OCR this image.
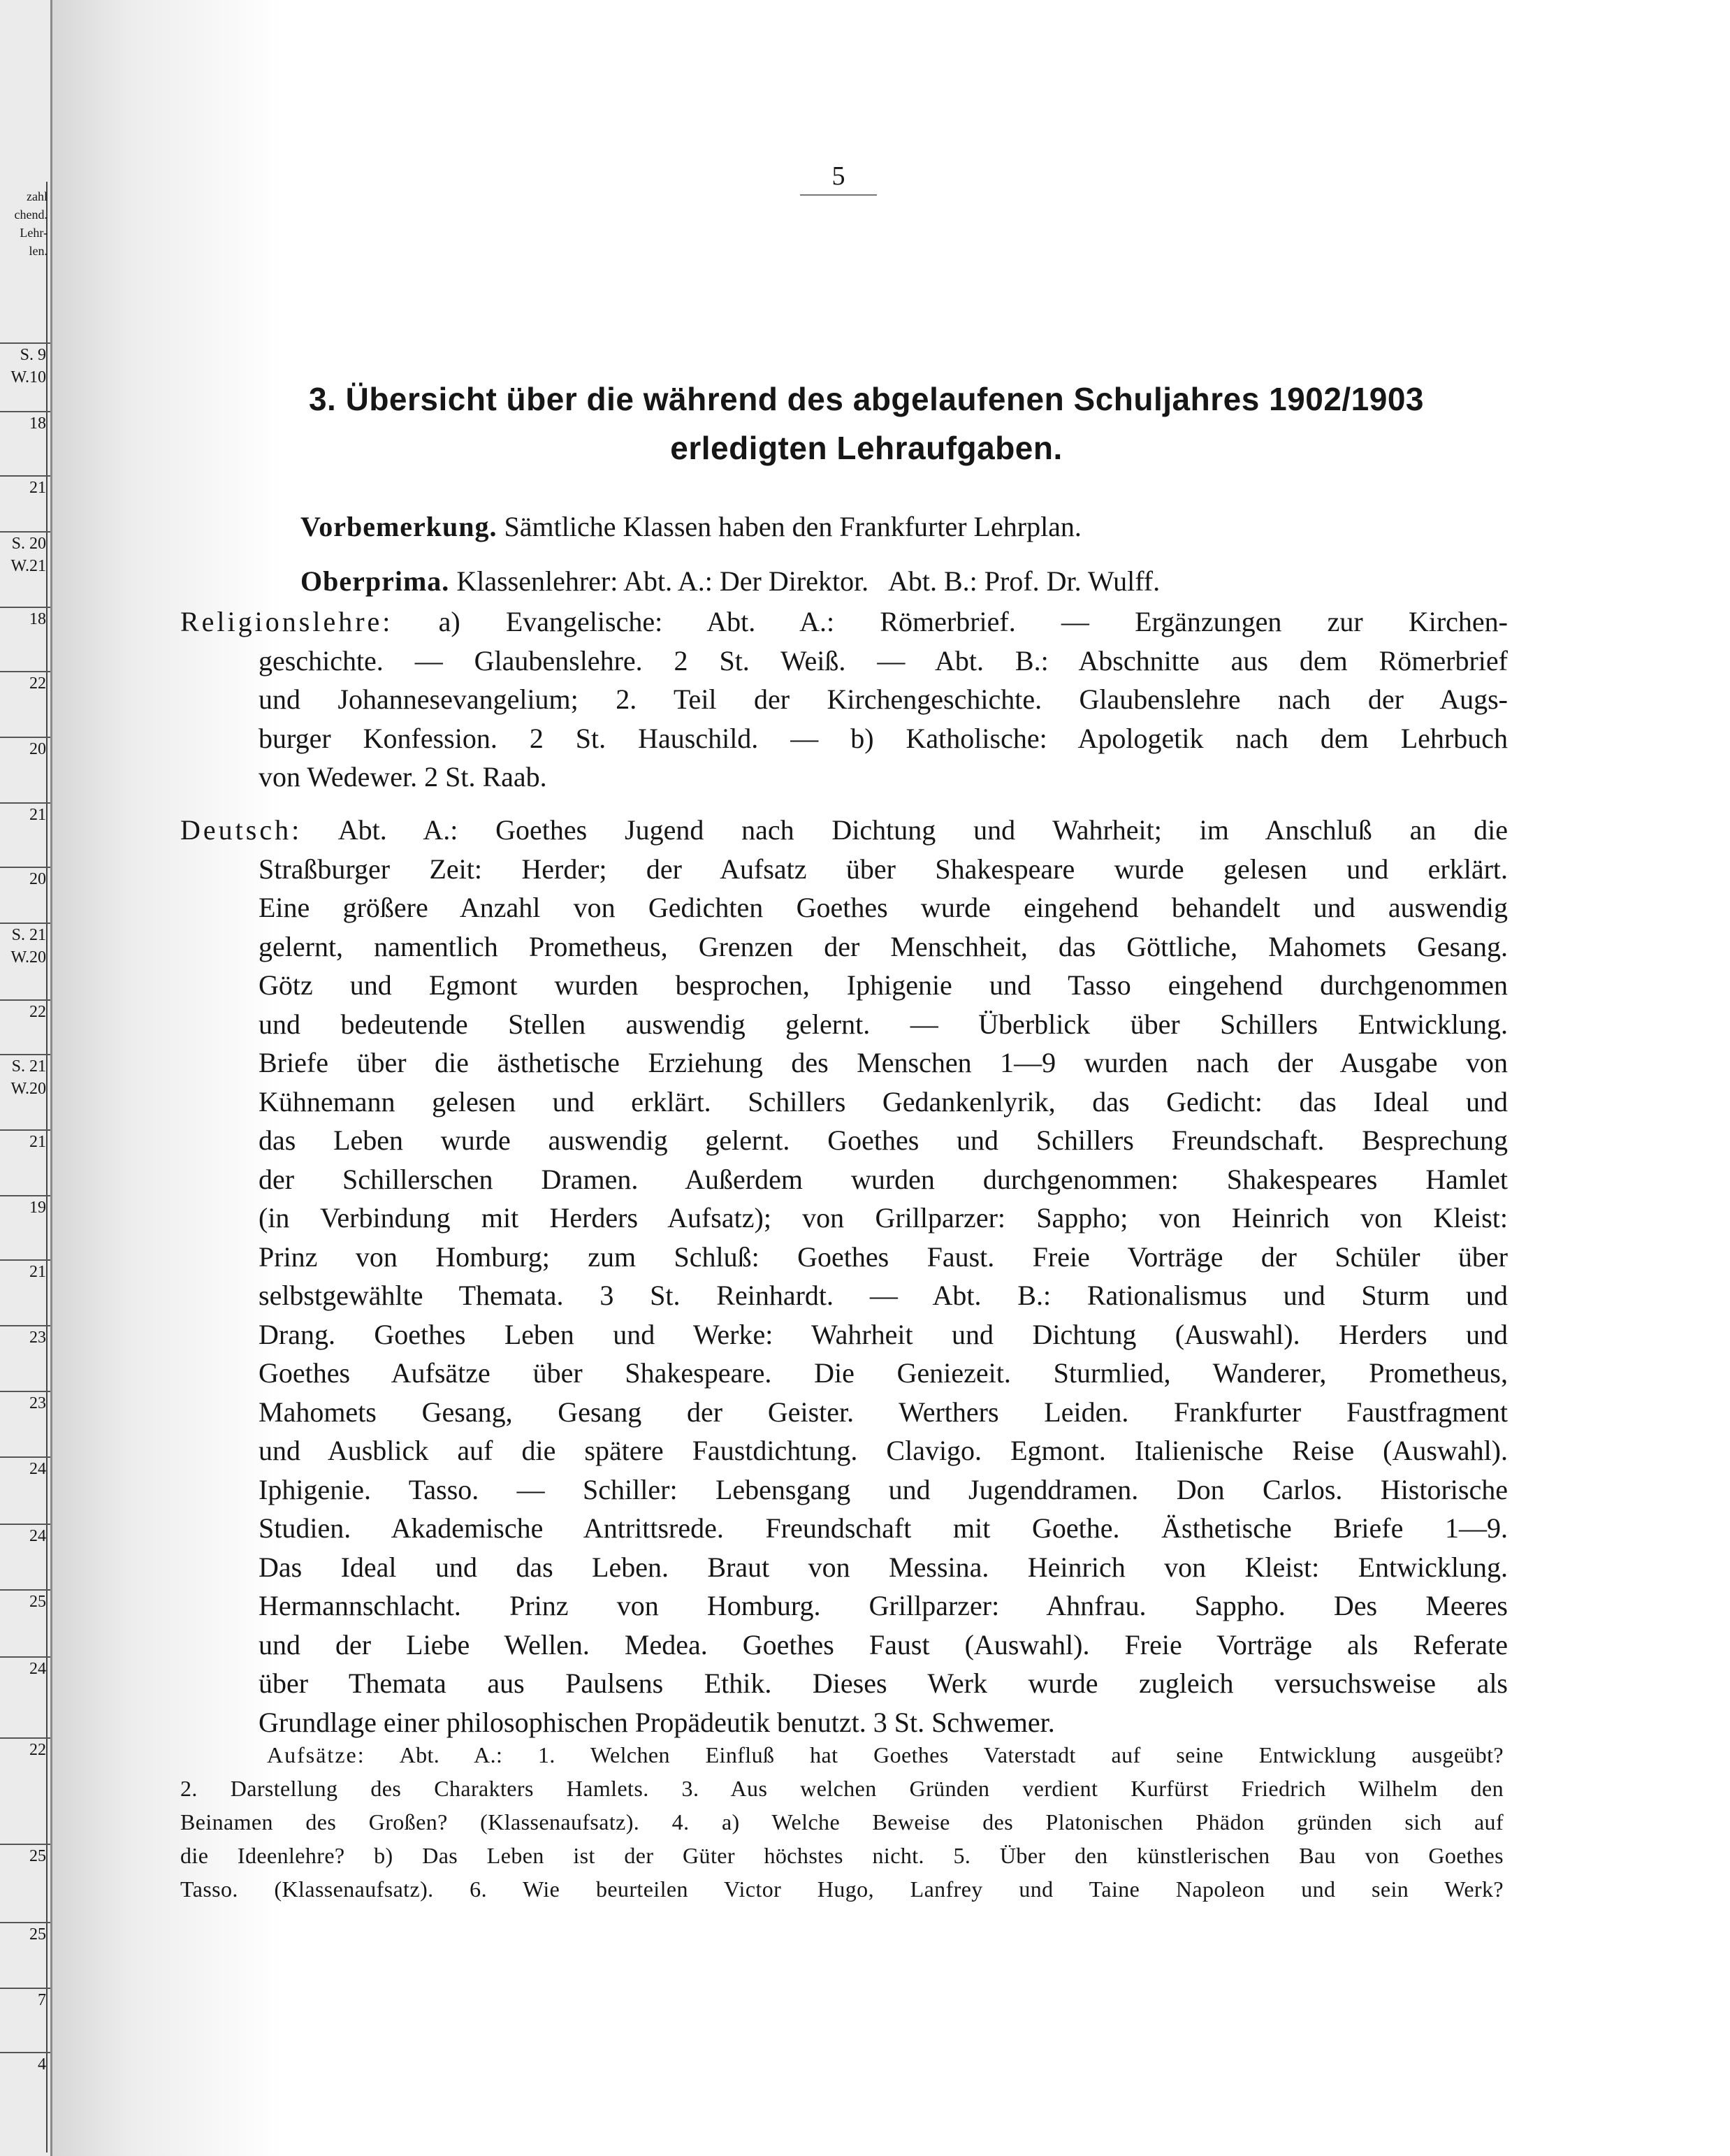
zahl
chend.
Lehr-
len.
S. 9 W.10
18
21
S. 20 W.21
18
22
20
21
20
S. 21 W.20
22
S. 21 W.20
21
19
21
23
23
24
24
25
24
22
25
25
7
4
5
3. Übersicht über die während des abgelaufenen Schuljahres 1902/1903
erledigten Lehraufgaben.
Vorbemerkung. Sämtliche Klassen haben den Frankfurter Lehrplan.
Oberprima. Klassenlehrer: Abt. A.: Der Direktor.   Abt. B.: Prof. Dr. Wulff.
Religionslehre: a) Evangelische: Abt. A.: Römerbrief. — Ergänzungen zur Kirchen-
geschichte. — Glaubenslehre. 2 St. Weiß. — Abt. B.: Abschnitte aus dem Römerbrief
und Johannesevangelium; 2. Teil der Kirchengeschichte. Glaubenslehre nach der Augs-
burger Konfession. 2 St. Hauschild. — b) Katholische: Apologetik nach dem Lehrbuch
von Wedewer. 2 St. Raab.
Deutsch: Abt. A.: Goethes Jugend nach Dichtung und Wahrheit; im Anschluß an die
Straßburger Zeit: Herder; der Aufsatz über Shakespeare wurde gelesen und erklärt.
Eine größere Anzahl von Gedichten Goethes wurde eingehend behandelt und auswendig
gelernt, namentlich Prometheus, Grenzen der Menschheit, das Göttliche, Mahomets Gesang.
Götz und Egmont wurden besprochen, Iphigenie und Tasso eingehend durchgenommen
und bedeutende Stellen auswendig gelernt. — Überblick über Schillers Entwicklung.
Briefe über die ästhetische Erziehung des Menschen 1—9 wurden nach der Ausgabe von
Kühnemann gelesen und erklärt. Schillers Gedankenlyrik, das Gedicht: das Ideal und
das Leben wurde auswendig gelernt. Goethes und Schillers Freundschaft. Besprechung
der Schillerschen Dramen. Außerdem wurden durchgenommen: Shakespeares Hamlet
(in Verbindung mit Herders Aufsatz); von Grillparzer: Sappho; von Heinrich von Kleist:
Prinz von Homburg; zum Schluß: Goethes Faust. Freie Vorträge der Schüler über
selbstgewählte Themata. 3 St. Reinhardt. — Abt. B.: Rationalismus und Sturm und
Drang. Goethes Leben und Werke: Wahrheit und Dichtung (Auswahl). Herders und
Goethes Aufsätze über Shakespeare. Die Geniezeit. Sturmlied, Wanderer, Prometheus,
Mahomets Gesang, Gesang der Geister. Werthers Leiden. Frankfurter Faustfragment
und Ausblick auf die spätere Faustdichtung. Clavigo. Egmont. Italienische Reise (Auswahl).
Iphigenie. Tasso. — Schiller: Lebensgang und Jugenddramen. Don Carlos. Historische
Studien. Akademische Antrittsrede. Freundschaft mit Goethe. Ästhetische Briefe 1—9.
Das Ideal und das Leben. Braut von Messina. Heinrich von Kleist: Entwicklung.
Hermannschlacht. Prinz von Homburg. Grillparzer: Ahnfrau. Sappho. Des Meeres
und der Liebe Wellen. Medea. Goethes Faust (Auswahl). Freie Vorträge als Referate
über Themata aus Paulsens Ethik. Dieses Werk wurde zugleich versuchsweise als
Grundlage einer philosophischen Propädeutik benutzt. 3 St. Schwemer.
Aufsätze: Abt. A.: 1. Welchen Einfluß hat Goethes Vaterstadt auf seine Entwicklung ausgeübt?
2. Darstellung des Charakters Hamlets. 3. Aus welchen Gründen verdient Kurfürst Friedrich Wilhelm den
Beinamen des Großen? (Klassenaufsatz). 4. a) Welche Beweise des Platonischen Phädon gründen sich auf
die Ideenlehre? b) Das Leben ist der Güter höchstes nicht. 5. Über den künstlerischen Bau von Goethes
Tasso. (Klassenaufsatz). 6. Wie beurteilen Victor Hugo, Lanfrey und Taine Napoleon und sein Werk?
